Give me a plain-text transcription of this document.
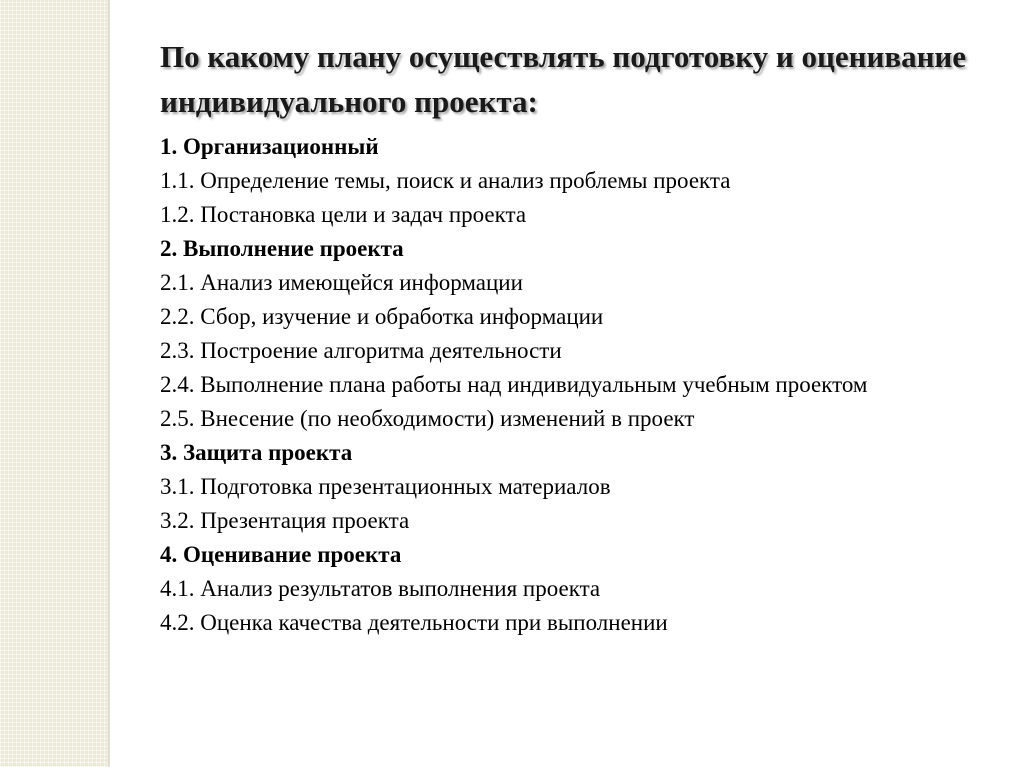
По какому плану осуществлять подготовку и оценивание индивидуального проекта:
1. Организационный
1.1. Определение темы, поиск и анализ проблемы проекта
1.2. Постановка цели и задач проекта
2. Выполнение проекта
2.1. Анализ имеющейся информации
2.2. Сбор, изучение и обработка информации
2.3. Построение алгоритма деятельности
2.4. Выполнение плана работы над индивидуальным учебным проектом
2.5. Внесение (по необходимости) изменений в проект
3. Защита проекта
3.1. Подготовка презентационных материалов
3.2. Презентация проекта
4. Оценивание проекта
4.1. Анализ результатов выполнения проекта
4.2. Оценка качества деятельности при выполнении
